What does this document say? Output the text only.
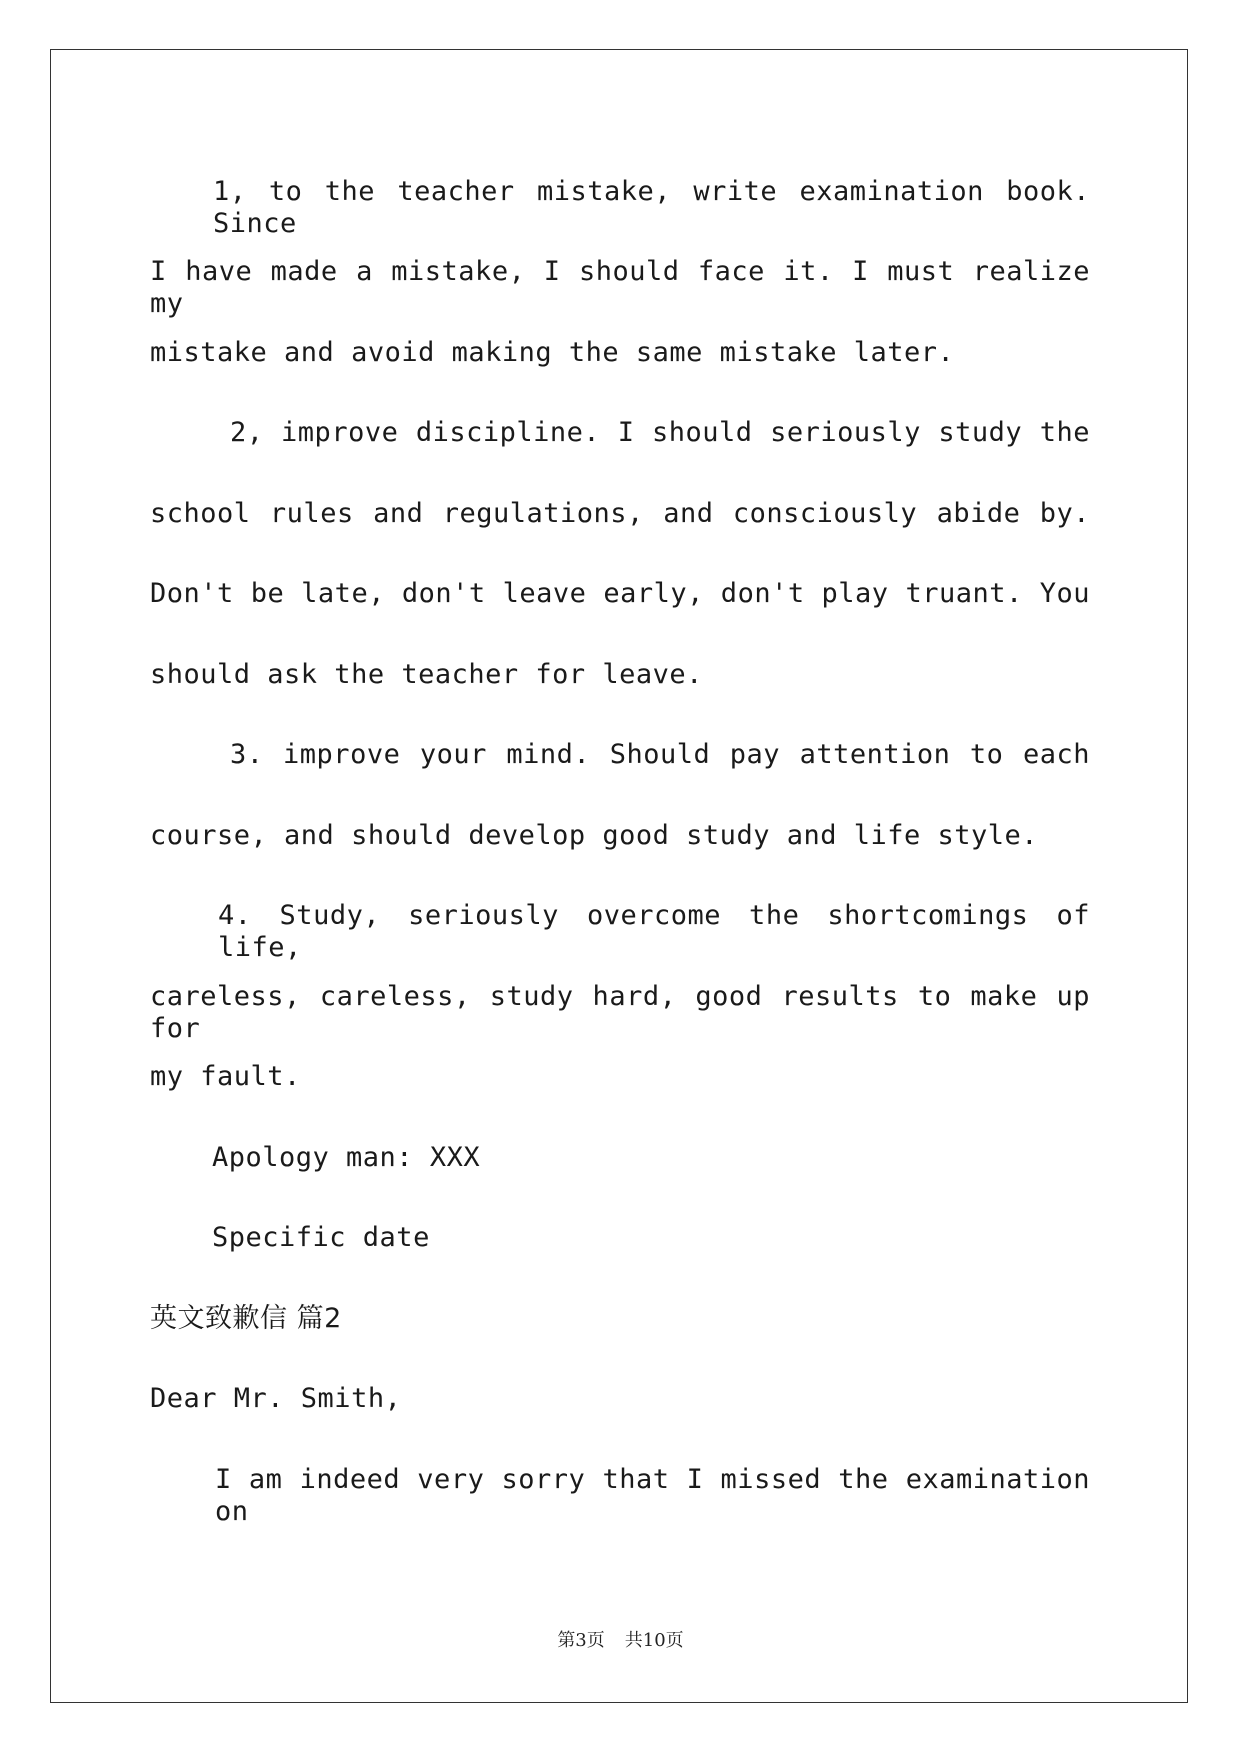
1, to the teacher mistake, write examination book. Since
I have made a mistake, I should face it. I must realize my
mistake and avoid making the same mistake later.
2, improve discipline. I should seriously study the
school rules and regulations, and consciously abide by.
Don't be late, don't leave early, don't play truant. You
should ask the teacher for leave.
3. improve your mind. Should pay attention to each
course, and should develop good study and life style.
4. Study, seriously overcome the shortcomings of life,
careless, careless, study hard, good results to make up for
my fault.
Apology man: XXX
Specific date
英文致歉信 篇2
Dear Mr. Smith,
I am indeed very sorry that I missed the examination on
第3页 共10页
